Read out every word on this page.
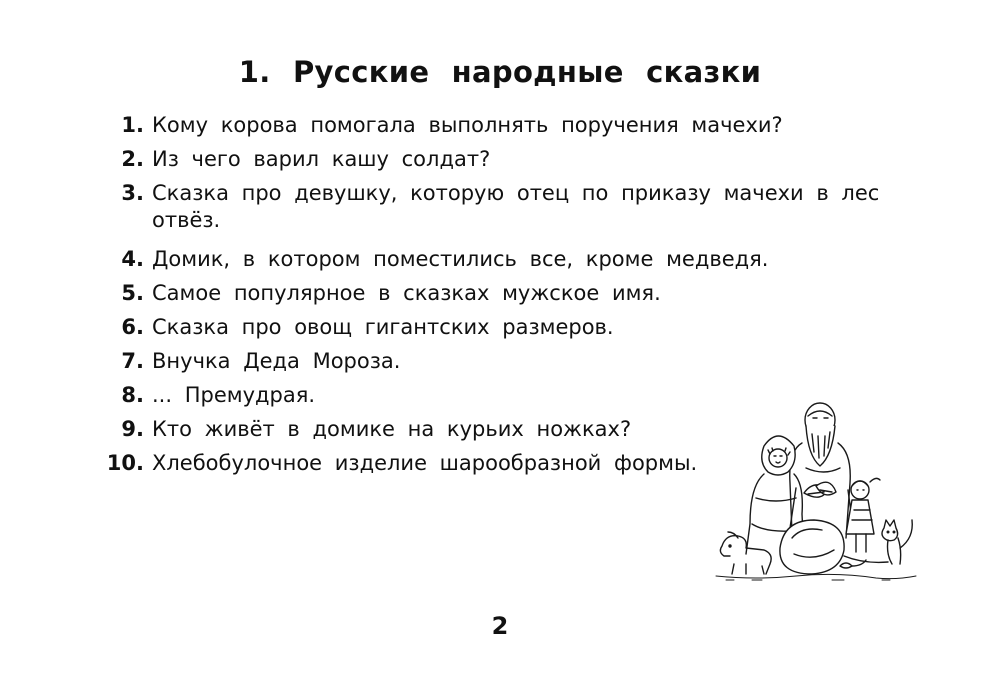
1. Русские народные сказки
1. Кому корова помогала выполнять поручения мачехи?
2. Из чего варил кашу солдат?
3. Сказка про девушку, которую отец по приказу мачехи в лес отвёз.
4. Домик, в котором поместились все, кроме медведя.
5. Самое популярное в сказках мужское имя.
6. Сказка про овощ гигантских размеров.
7. Внучка Деда Мороза.
8. ... Премудрая.
9. Кто живёт в домике на курьих ножках?
10. Хлебобулочное изделие шарообразной формы.
2
